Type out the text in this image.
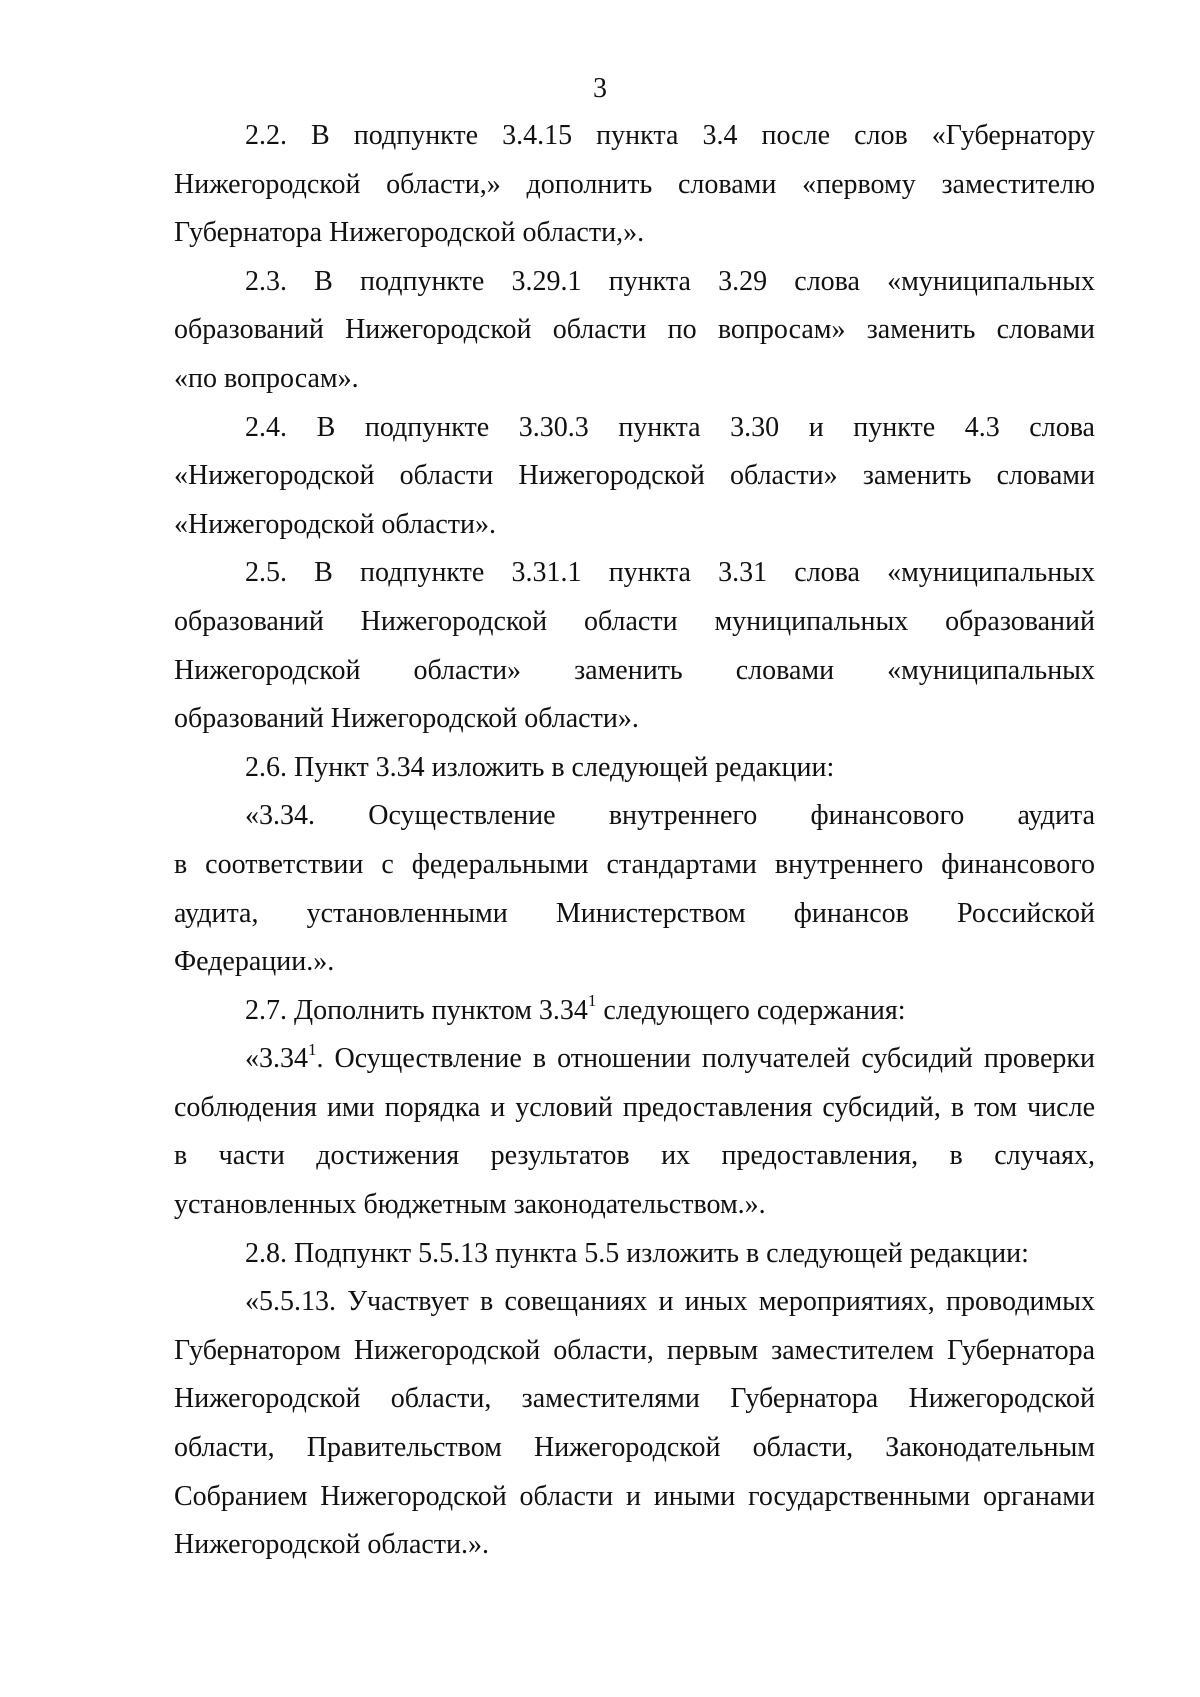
3
2.2. В подпункте 3.4.15 пункта 3.4 после слов «Губернатору
Нижегородской области,» дополнить словами «первому заместителю
Губернатора Нижегородской области,».
2.3. В подпункте 3.29.1 пункта 3.29 слова «муниципальных
образований Нижегородской области по вопросам» заменить словами
«по вопросам».
2.4. В подпункте 3.30.3 пункта 3.30 и пункте 4.3 слова
«Нижегородской области Нижегородской области» заменить словами
«Нижегородской области».
2.5. В подпункте 3.31.1 пункта 3.31 слова «муниципальных
образований Нижегородской области муниципальных образований
Нижегородской области» заменить словами «муниципальных
образований Нижегородской области».
2.6. Пункт 3.34 изложить в следующей редакции:
«3.34. Осуществление внутреннего финансового аудита
в соответствии с федеральными стандартами внутреннего финансового
аудита, установленными Министерством финансов Российской
Федерации.».
2.7. Дополнить пунктом 3.34$^1$ следующего содержания:
«3.34$^1$. Осуществление в отношении получателей субсидий проверки
соблюдения ими порядка и условий предоставления субсидий, в том числе
в части достижения результатов их предоставления, в случаях,
установленных бюджетным законодательством.».
2.8. Подпункт 5.5.13 пункта 5.5 изложить в следующей редакции:
«5.5.13. Участвует в совещаниях и иных мероприятиях, проводимых
Губернатором Нижегородской области, первым заместителем Губернатора
Нижегородской области, заместителями Губернатора Нижегородской
области, Правительством Нижегородской области, Законодательным
Собранием Нижегородской области и иными государственными органами
Нижегородской области.».
